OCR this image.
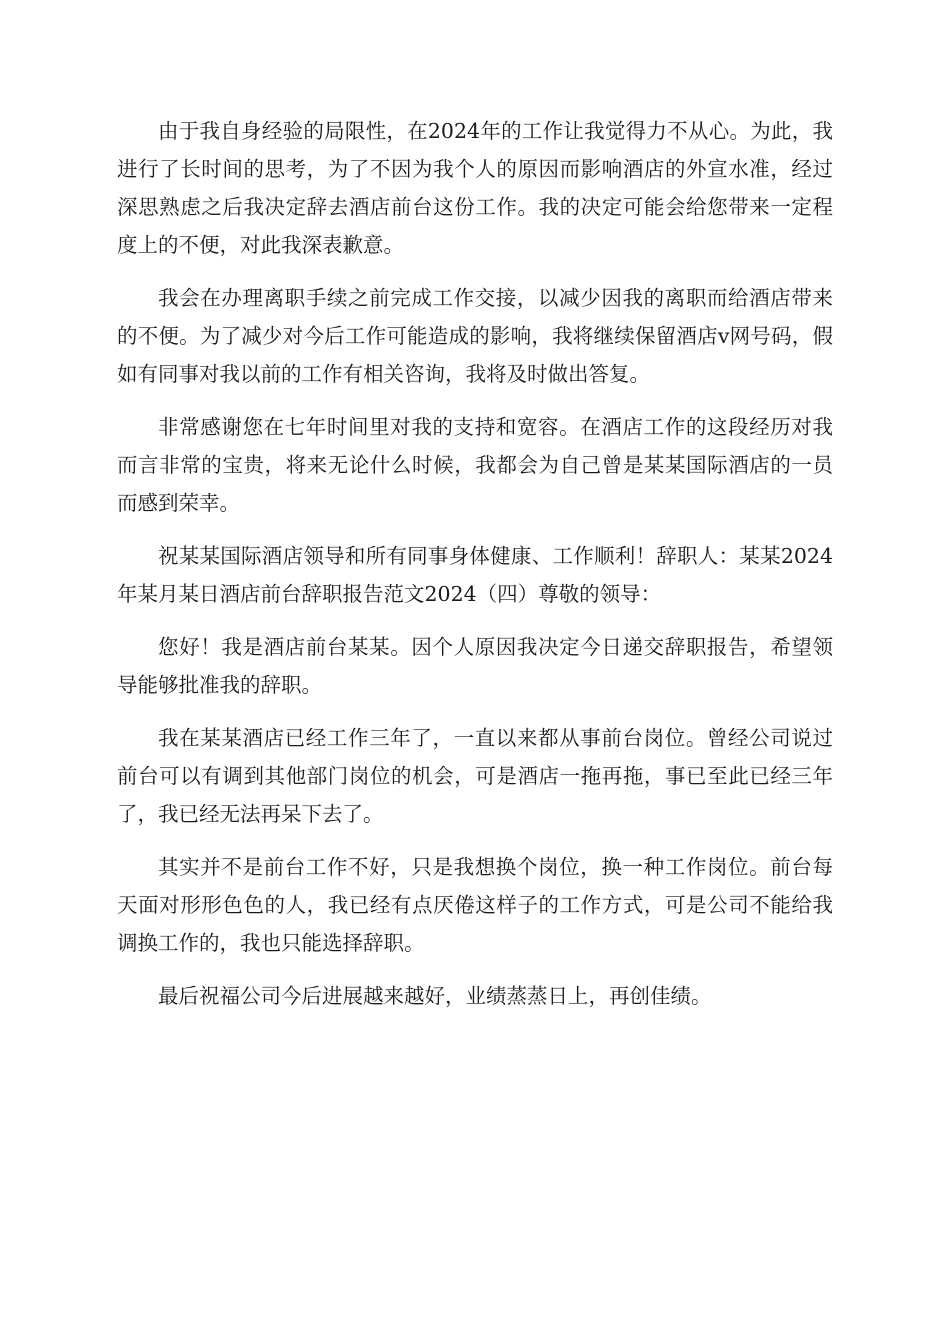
由于我自身经验的局限性，在2024年的工作让我觉得力不从心。为此，我进行了长时间的思考，为了不因为我个人的原因而影响酒店的外宣水准，经过深思熟虑之后我决定辞去酒店前台这份工作。我的决定可能会给您带来一定程度上的不便，对此我深表歉意。

我会在办理离职手续之前完成工作交接，以减少因我的离职而给酒店带来的不便。为了减少对今后工作可能造成的影响，我将继续保留酒店v网号码，假如有同事对我以前的工作有相关咨询，我将及时做出答复。

非常感谢您在七年时间里对我的支持和宽容。在酒店工作的这段经历对我而言非常的宝贵，将来无论什么时候，我都会为自己曾是某某国际酒店的一员而感到荣幸。

祝某某国际酒店领导和所有同事身体健康、工作顺利！辞职人：某某2024年某月某日酒店前台辞职报告范文2024（四）尊敬的领导：

您好！我是酒店前台某某。因个人原因我决定今日递交辞职报告，希望领导能够批准我的辞职。

我在某某酒店已经工作三年了，一直以来都从事前台岗位。曾经公司说过前台可以有调到其他部门岗位的机会，可是酒店一拖再拖，事已至此已经三年了，我已经无法再呆下去了。

其实并不是前台工作不好，只是我想换个岗位，换一种工作岗位。前台每天面对形形色色的人，我已经有点厌倦这样子的工作方式，可是公司不能给我调换工作的，我也只能选择辞职。

最后祝福公司今后进展越来越好，业绩蒸蒸日上，再创佳绩。
